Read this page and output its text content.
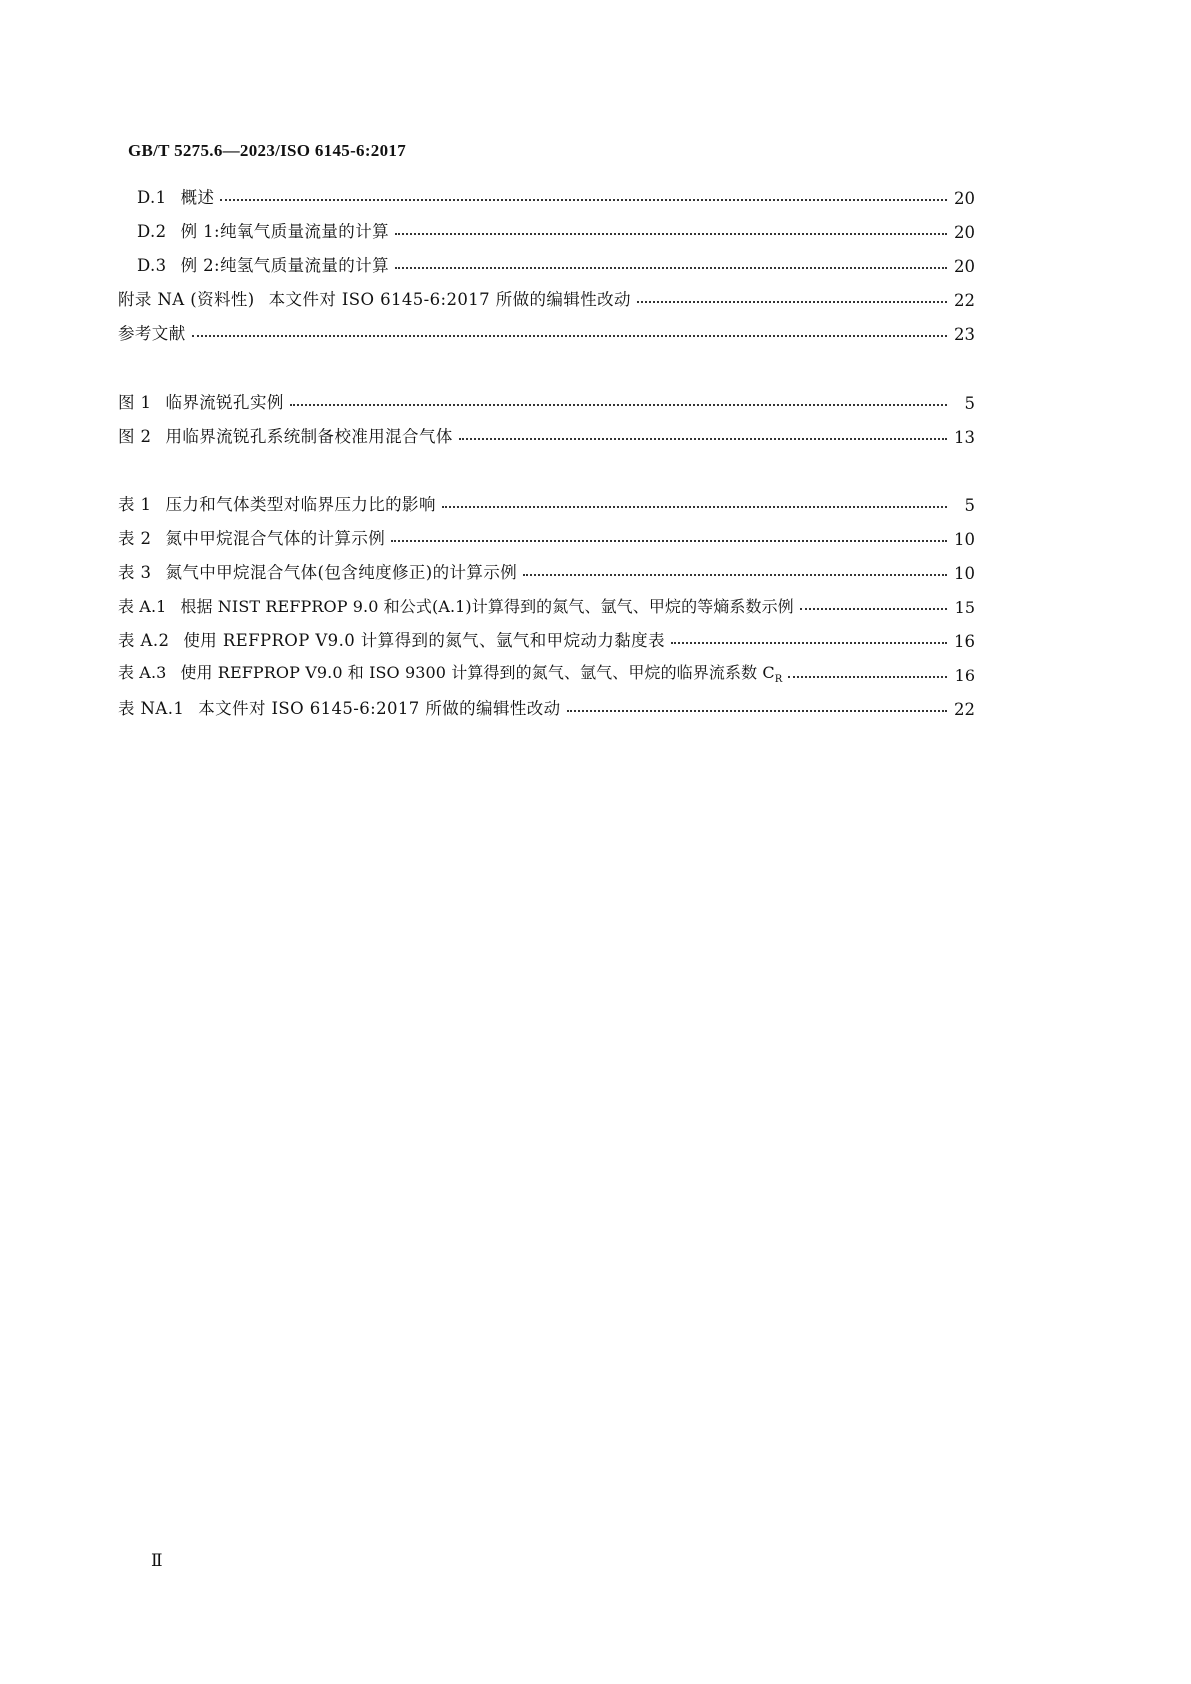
GB/T 5275.6—2023/ISO 6145-6:2017
D.1 概述	20
D.2 例 1:纯氧气质量流量的计算	20
D.3 例 2:纯氢气质量流量的计算	20
附录 NA (资料性) 本文件对 ISO 6145-6:2017 所做的编辑性改动	22
参考文献	23
图 1 临界流锐孔实例	5
图 2 用临界流锐孔系统制备校准用混合气体	13
表 1 压力和气体类型对临界压力比的影响	5
表 2 氮中甲烷混合气体的计算示例	10
表 3 氮气中甲烷混合气体(包含纯度修正)的计算示例	10
表 A.1 根据 NIST REFPROP 9.0 和公式(A.1)计算得到的氮气、氩气、甲烷的等熵系数示例	15
表 A.2 使用 REFPROP V9.0 计算得到的氮气、氩气和甲烷动力黏度表	16
表 A.3 使用 REFPROP V9.0 和 ISO 9300 计算得到的氮气、氩气、甲烷的临界流系数 $C_R$	16
表 NA.1 本文件对 ISO 6145-6:2017 所做的编辑性改动	22
Ⅱ
